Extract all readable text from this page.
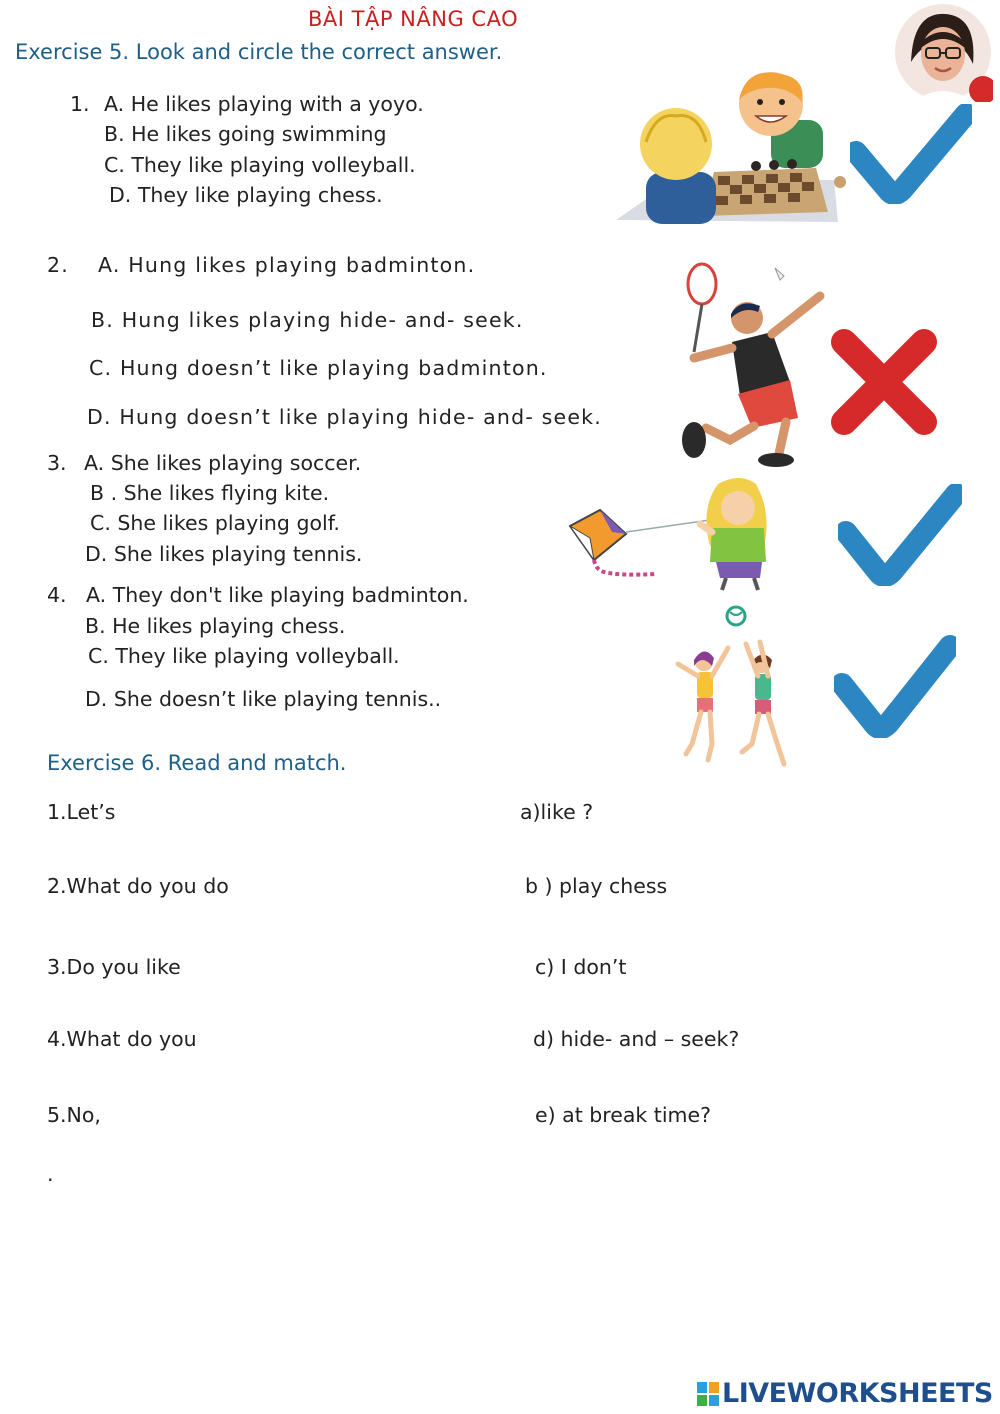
BÀI TẬP NÂNG CAO
Exercise 5. Look and circle the correct answer.
1. A. He likes playing with a yoyo.
B. He likes going swimming
C. They like playing volleyball.
D. They like playing chess.
2. A. Hung likes playing badminton.
B. Hung likes playing hide- and- seek.
C. Hung doesn’t like playing badminton.
D. Hung doesn’t like playing hide- and- seek.
3. A. She likes playing soccer.
B . She likes flying kite.
C. She likes playing golf.
D. She likes playing tennis.
4. A. They don't like playing badminton.
B. He likes playing chess.
C. They like playing volleyball.
D. She doesn’t like playing tennis..
Exercise 6. Read and match.
1.Let’s
2.What do you do
3.Do you like
4.What do you
5.No,
a)like ?
b ) play chess
c) I don’t
d) hide- and – seek?
e) at break time?
.
LIVEWORKSHEETS
